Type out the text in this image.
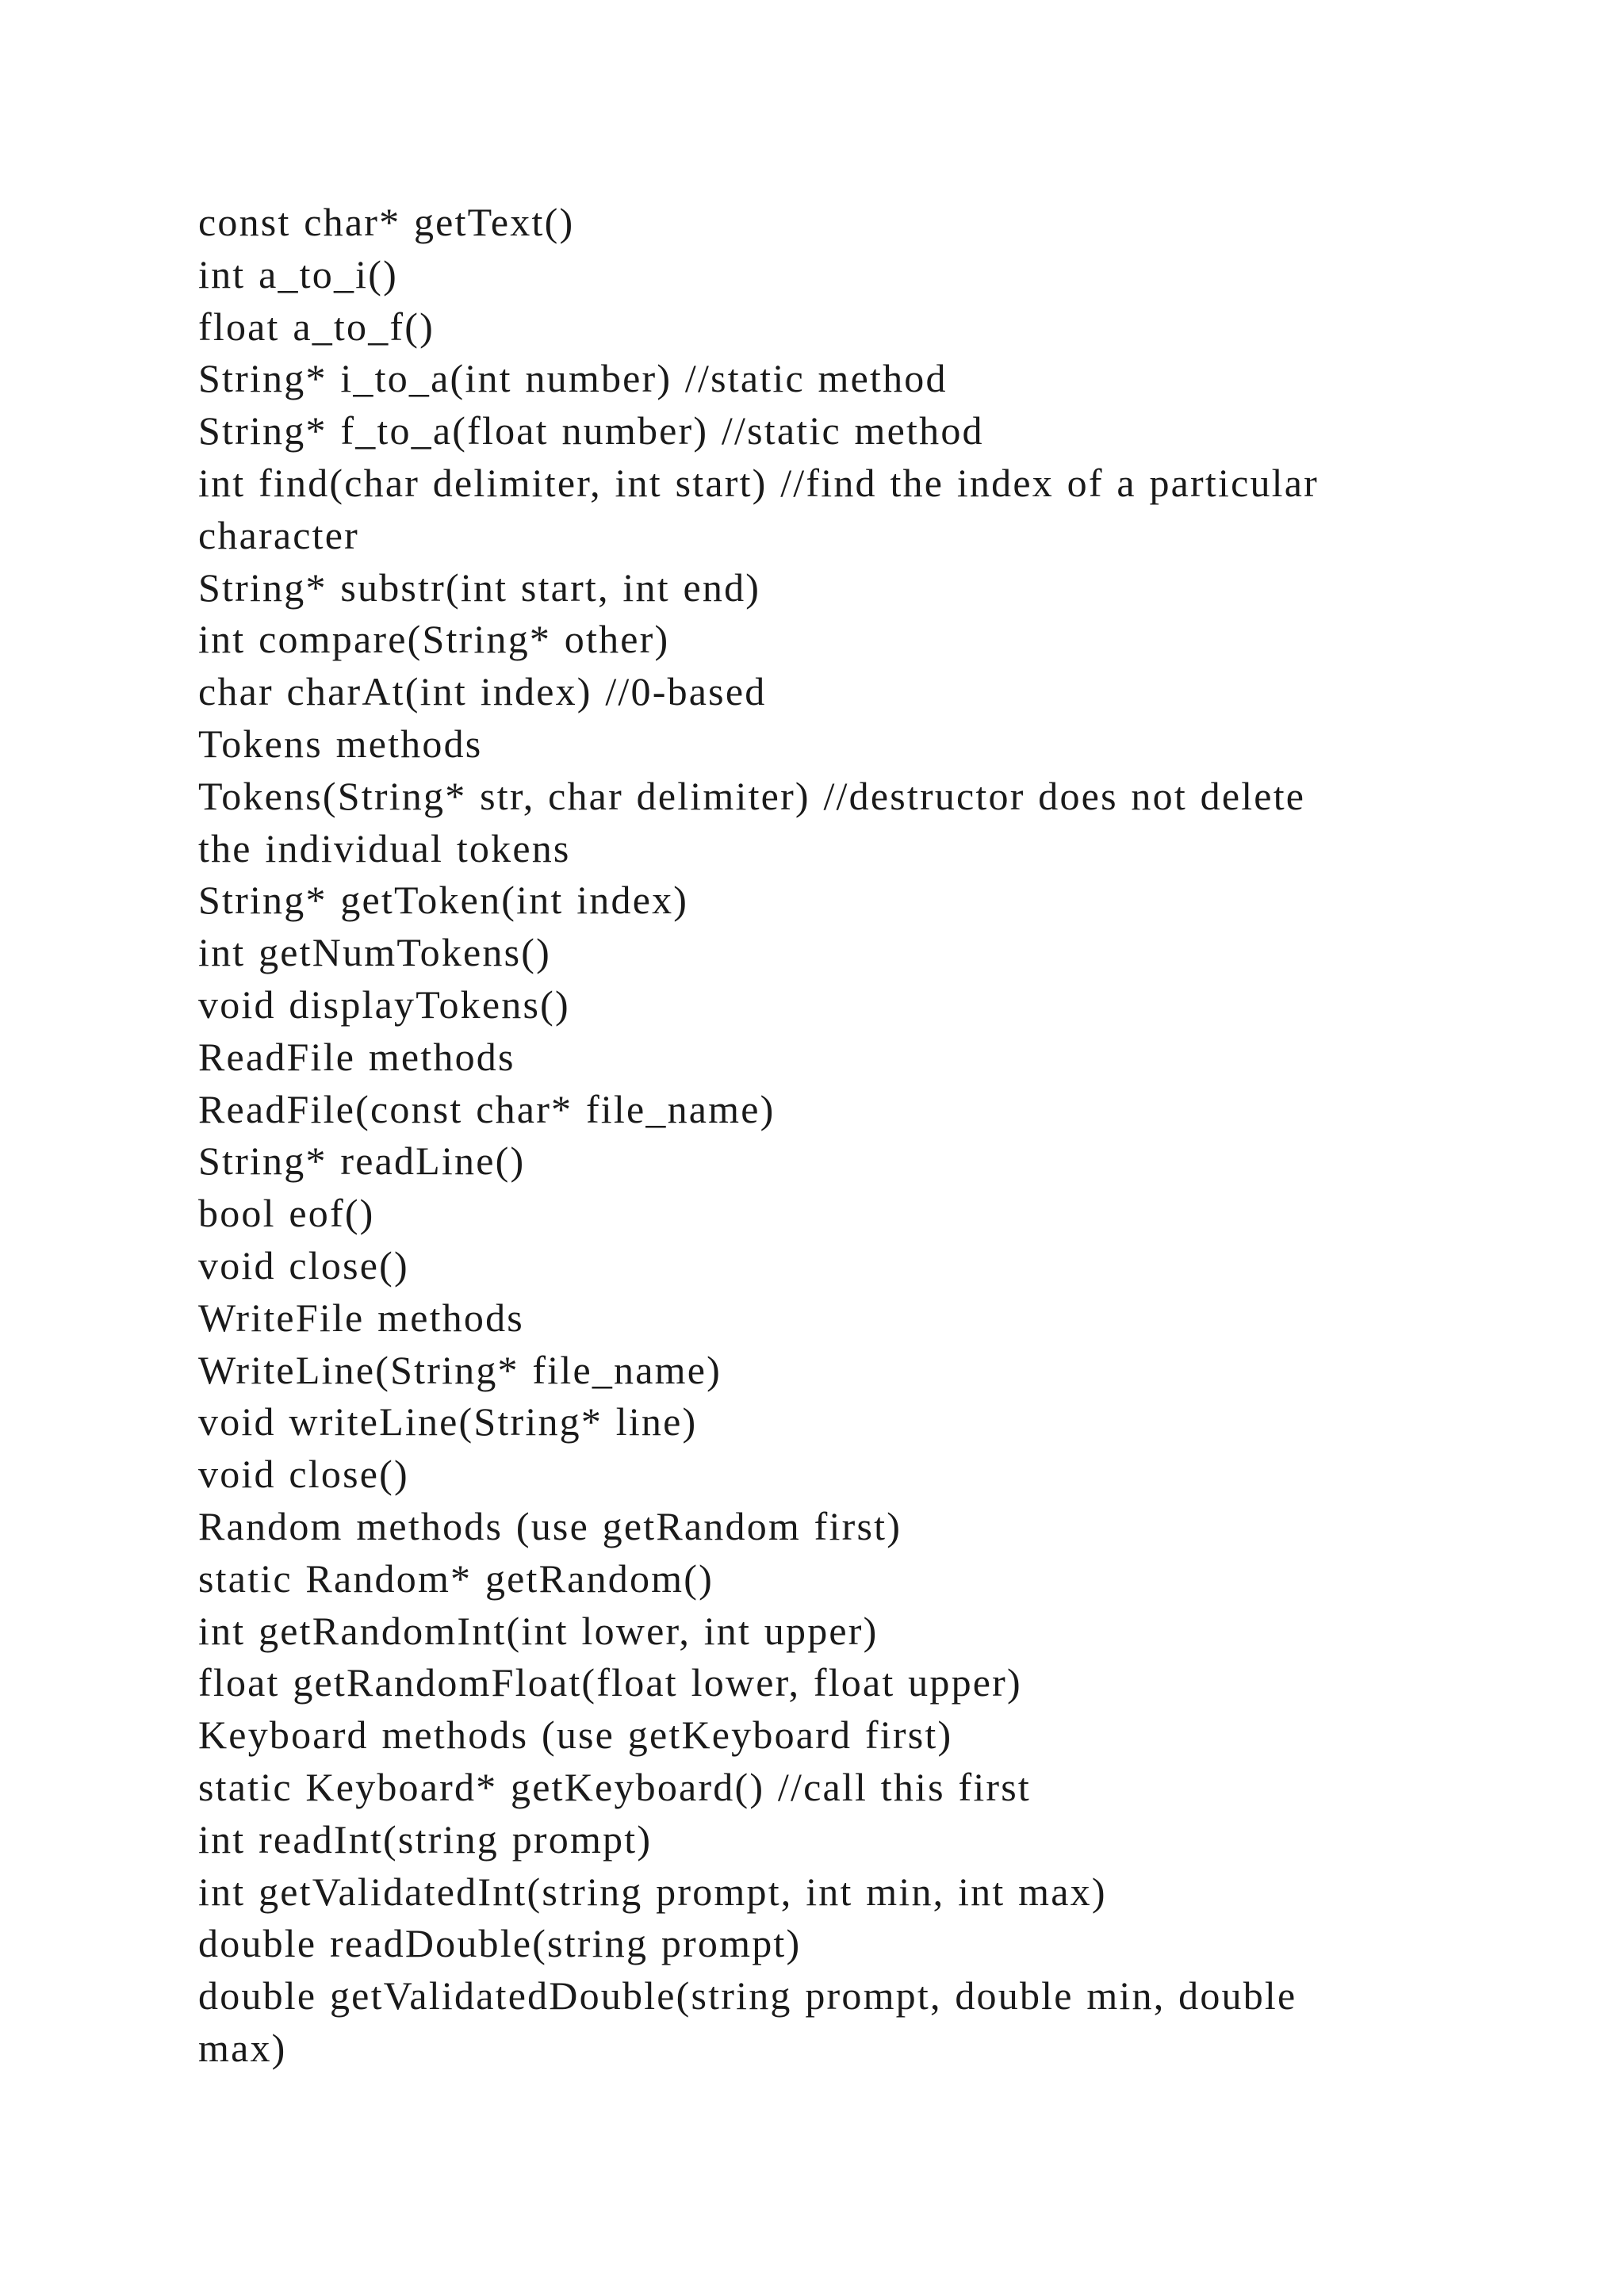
const char* getText()
int a_to_i()
float a_to_f()
String* i_to_a(int number) //static method
String* f_to_a(float number) //static method
int find(char delimiter, int start) //find the index of a particular
character
String* substr(int start, int end)
int compare(String* other)
char charAt(int index) //0-based
Tokens methods
Tokens(String* str, char delimiter) //destructor does not delete
the individual tokens
String* getToken(int index)
int getNumTokens()
void displayTokens()
ReadFile methods
ReadFile(const char* file_name)
String* readLine()
bool eof()
void close()
WriteFile methods
WriteLine(String* file_name)
void writeLine(String* line)
void close()
Random methods (use getRandom first)
static Random* getRandom()
int getRandomInt(int lower, int upper)
float getRandomFloat(float lower, float upper)
Keyboard methods (use getKeyboard first)
static Keyboard* getKeyboard() //call this first
int readInt(string prompt)
int getValidatedInt(string prompt, int min, int max)
double readDouble(string prompt)
double getValidatedDouble(string prompt, double min, double
max)
